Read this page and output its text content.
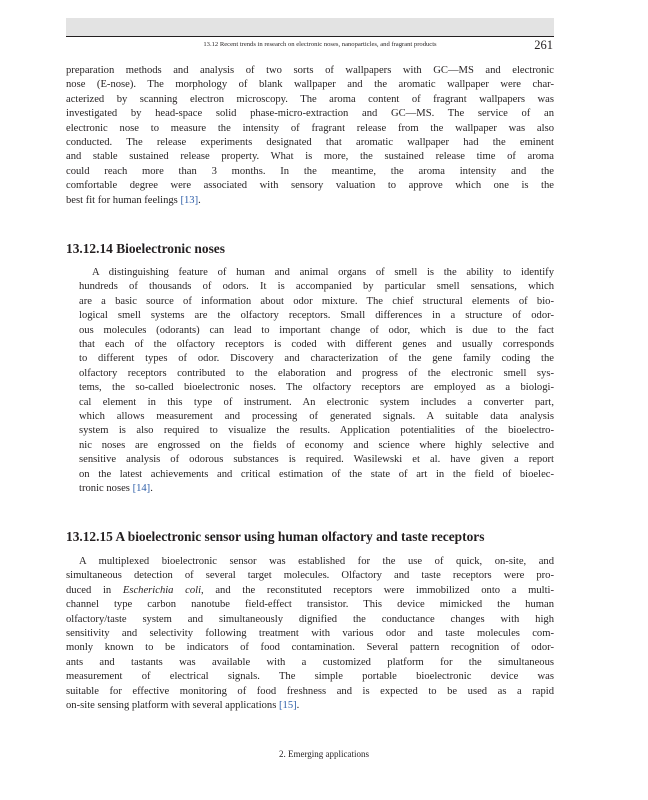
13.12 Recent trends in research on electronic noses, nanoparticles, and fragrant products	261
preparation methods and analysis of two sorts of wallpapers with GC—MS and electronic
nose (E-nose). The morphology of blank wallpaper and the aromatic wallpaper were char-
acterized by scanning electron microscopy. The aroma content of fragrant wallpapers was
investigated by head-space solid phase-micro-extraction and GC—MS. The service of an
electronic nose to measure the intensity of fragrant release from the wallpaper was also
conducted. The release experiments designated that aromatic wallpaper had the eminent
and stable sustained release property. What is more, the sustained release time of aroma
could reach more than 3 months. In the meantime, the aroma intensity and the
comfortable degree were associated with sensory valuation to approve which one is the
best fit for human feelings [13].
13.12.14 Bioelectronic noses
A distinguishing feature of human and animal organs of smell is the ability to identify
hundreds of thousands of odors. It is accompanied by particular smell sensations, which
are a basic source of information about odor mixture. The chief structural elements of bio-
logical smell systems are the olfactory receptors. Small differences in a structure of odor-
ous molecules (odorants) can lead to important change of odor, which is due to the fact
that each of the olfactory receptors is coded with different genes and usually corresponds
to different types of odor. Discovery and characterization of the gene family coding the
olfactory receptors contributed to the elaboration and progress of the electronic smell sys-
tems, the so-called bioelectronic noses. The olfactory receptors are employed as a biologi-
cal element in this type of instrument. An electronic system includes a converter part,
which allows measurement and processing of generated signals. A suitable data analysis
system is also required to visualize the results. Application potentialities of the bioelectro-
nic noses are engrossed on the fields of economy and science where highly selective and
sensitive analysis of odorous substances is required. Wasilewski et al. have given a report
on the latest achievements and critical estimation of the state of art in the field of bioelec-
tronic noses [14].
13.12.15 A bioelectronic sensor using human olfactory and taste receptors
A multiplexed bioelectronic sensor was established for the use of quick, on-site, and
simultaneous detection of several target molecules. Olfactory and taste receptors were pro-
duced in Escherichia coli, and the reconstituted receptors were immobilized onto a multi-
channel type carbon nanotube field-effect transistor. This device mimicked the human
olfactory/taste system and simultaneously dignified the conductance changes with high
sensitivity and selectivity following treatment with various odor and taste molecules com-
monly known to be indicators of food contamination. Several pattern recognition of odor-
ants and tastants was available with a customized platform for the simultaneous
measurement of electrical signals. The simple portable bioelectronic device was
suitable for effective monitoring of food freshness and is expected to be used as a rapid
on-site sensing platform with several applications [15].
2. Emerging applications
